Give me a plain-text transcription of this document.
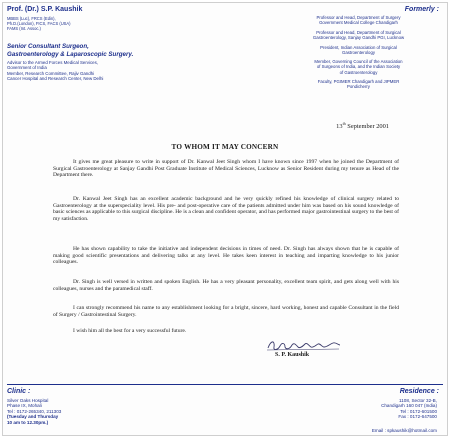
Prof. (Dr.) S.P. Kaushik
MBBS (Luc), FRCS (Edin),
Ph.D.(London), FICS, FACS (USA)
FAMS (Int. Assoc.)
Formerly :
Professor and Head, Department of Surgery
Government Medical College Chandigarh
Professor and Head, Department of Surgical
Gastroenterology, Sanjay Gandhi PGI, Lucknow
President, Indian Association of Surgical
Gastroenterology
Member, Governing Council of the Association
of Surgeons of India, and the Indian Society
of Gastroenterology
Faculty, PGIMER Chandigarh and JIPMER
Pondicherry
Senior Consultant Surgeon,
Gastroenterology & Laparoscopic Surgery.
Advisor to the Armed Forces Medical Services,
Government of India
Member, Research Committee, Rajiv Gandhi
Cancer Hospital and Research Center, New Delhi
13th September 2001
TO WHOM IT MAY CONCERN
It gives me great pleasure to write in support of Dr. Kanwal Jeet Singh whom I have known since 1997 when he joined the Department of Surgical Gastroenterology at Sanjay Gandhi Post Graduate Institute of Medical Sciences, Lucknow as Senior Resident during my tenure as Head of the Department there.
Dr. Kanwal Jeet Singh has an excellent academic background and he very quickly refined his knowledge of clinical surgery related to Gastroenterology at the superspeciality level. His pre- and post-operative care of the patients admitted under him was based on his sound knowledge of basic sciences as applicable to this surgical discipline. He is a clean and confident operator, and has performed major gastrointestinal surgery to the best of my satisfaction.
He has shown capability to take the initiative and independent decisions in times of need. Dr. Singh has always shown that he is capable of making good scientific presentations and delivering talks at any level. He takes keen interest in teaching and imparting knowledge to his junior colleagues.
Dr. Singh is well versed in written and spoken English. He has a very pleasant personality, excellent team spirit, and gets along well with his colleagues, nurses and the paramedical staff.
I can strongly recommend his name to any establishment looking for a bright, sincere, hard working, honest and capable Consultant in the field of Surgery / Gastrointestinal Surgery.
I wish him all the best for a very successful future.
S. P. Kaushik
Clinic :
Silver Oaks Hospital
Phase IX, Mohali
Tel : 0172-265340, 211303
(Tuesday and Thursday
10 am to 12.30pm.)
Residence :
1108, Sector 32-B,
Chandigarh 160 047 (India)
Tel : 0172-601500
Fax : 0172-647500
Email : spkaushik@hotmail.com
